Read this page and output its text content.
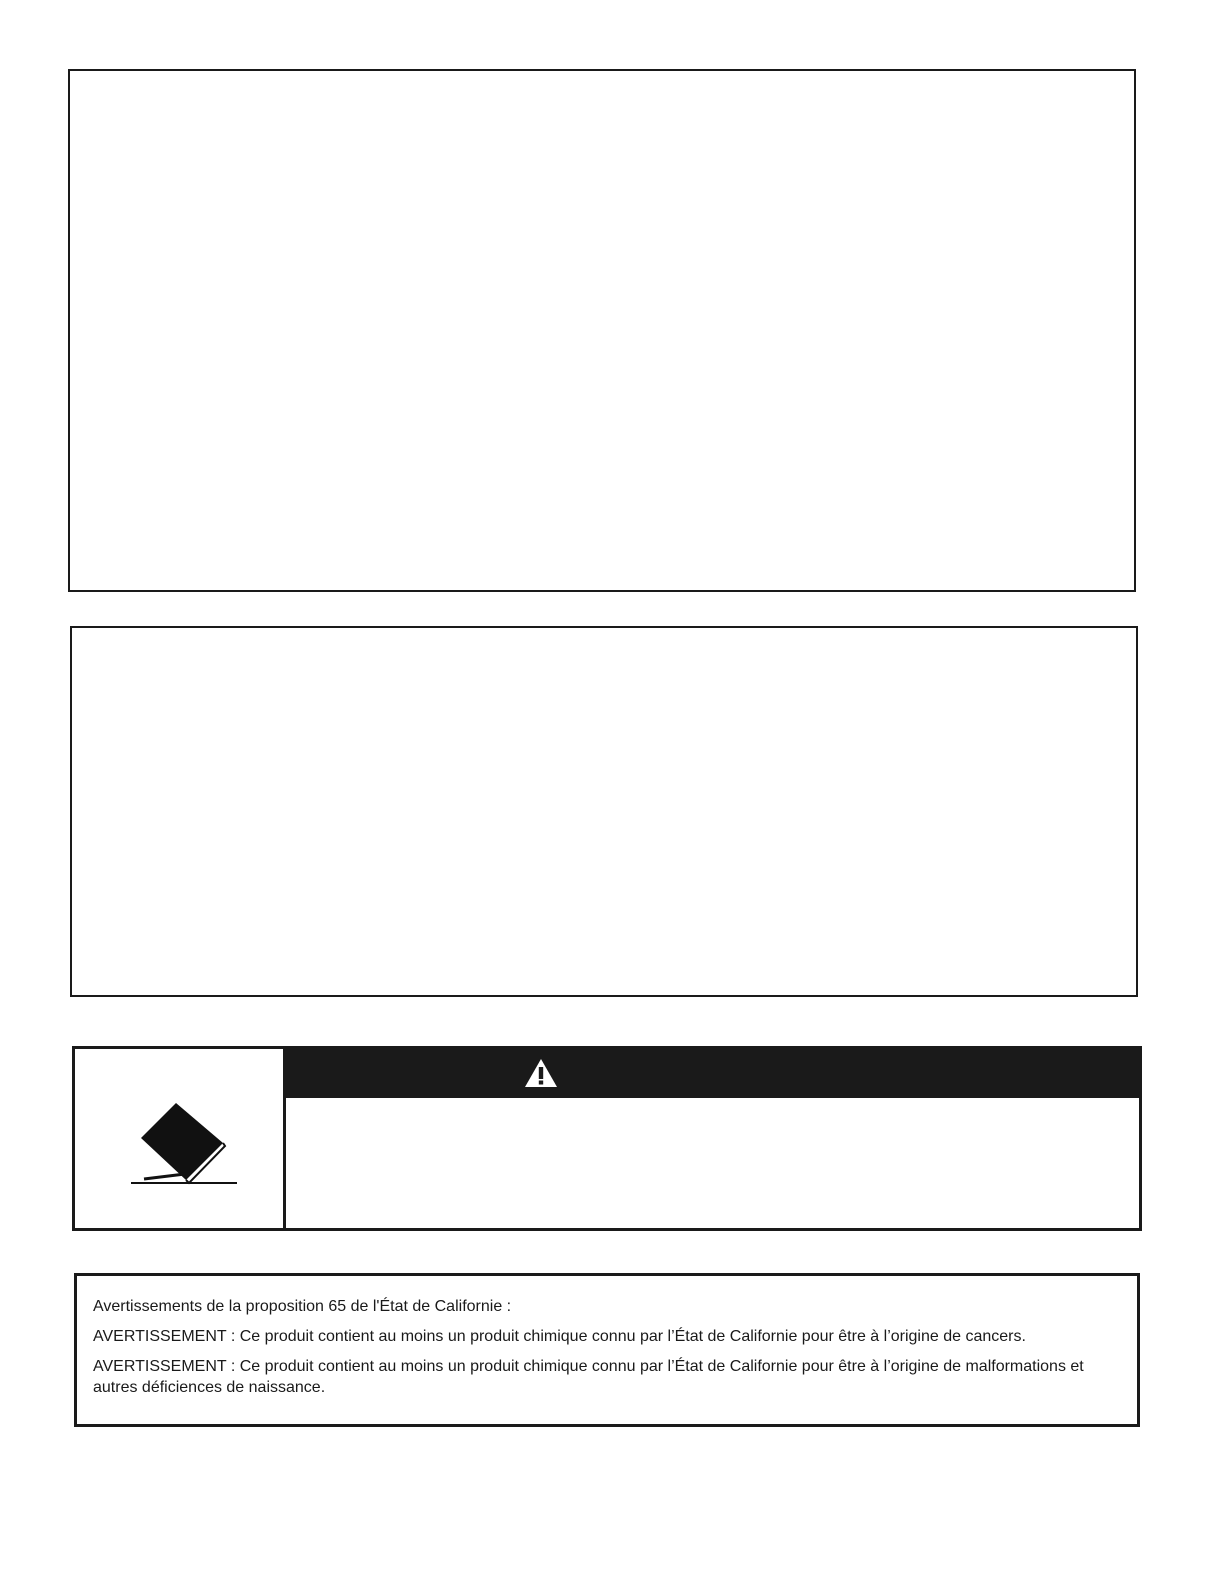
Avertissements de la proposition 65 de l'État de Californie :

AVERTISSEMENT : Ce produit contient au moins un produit chimique connu par l’État de Californie pour être à l’origine de cancers.

AVERTISSEMENT : Ce produit contient au moins un produit chimique connu par l’État de Californie pour être à l’origine de malformations et autres déficiences de naissance.
